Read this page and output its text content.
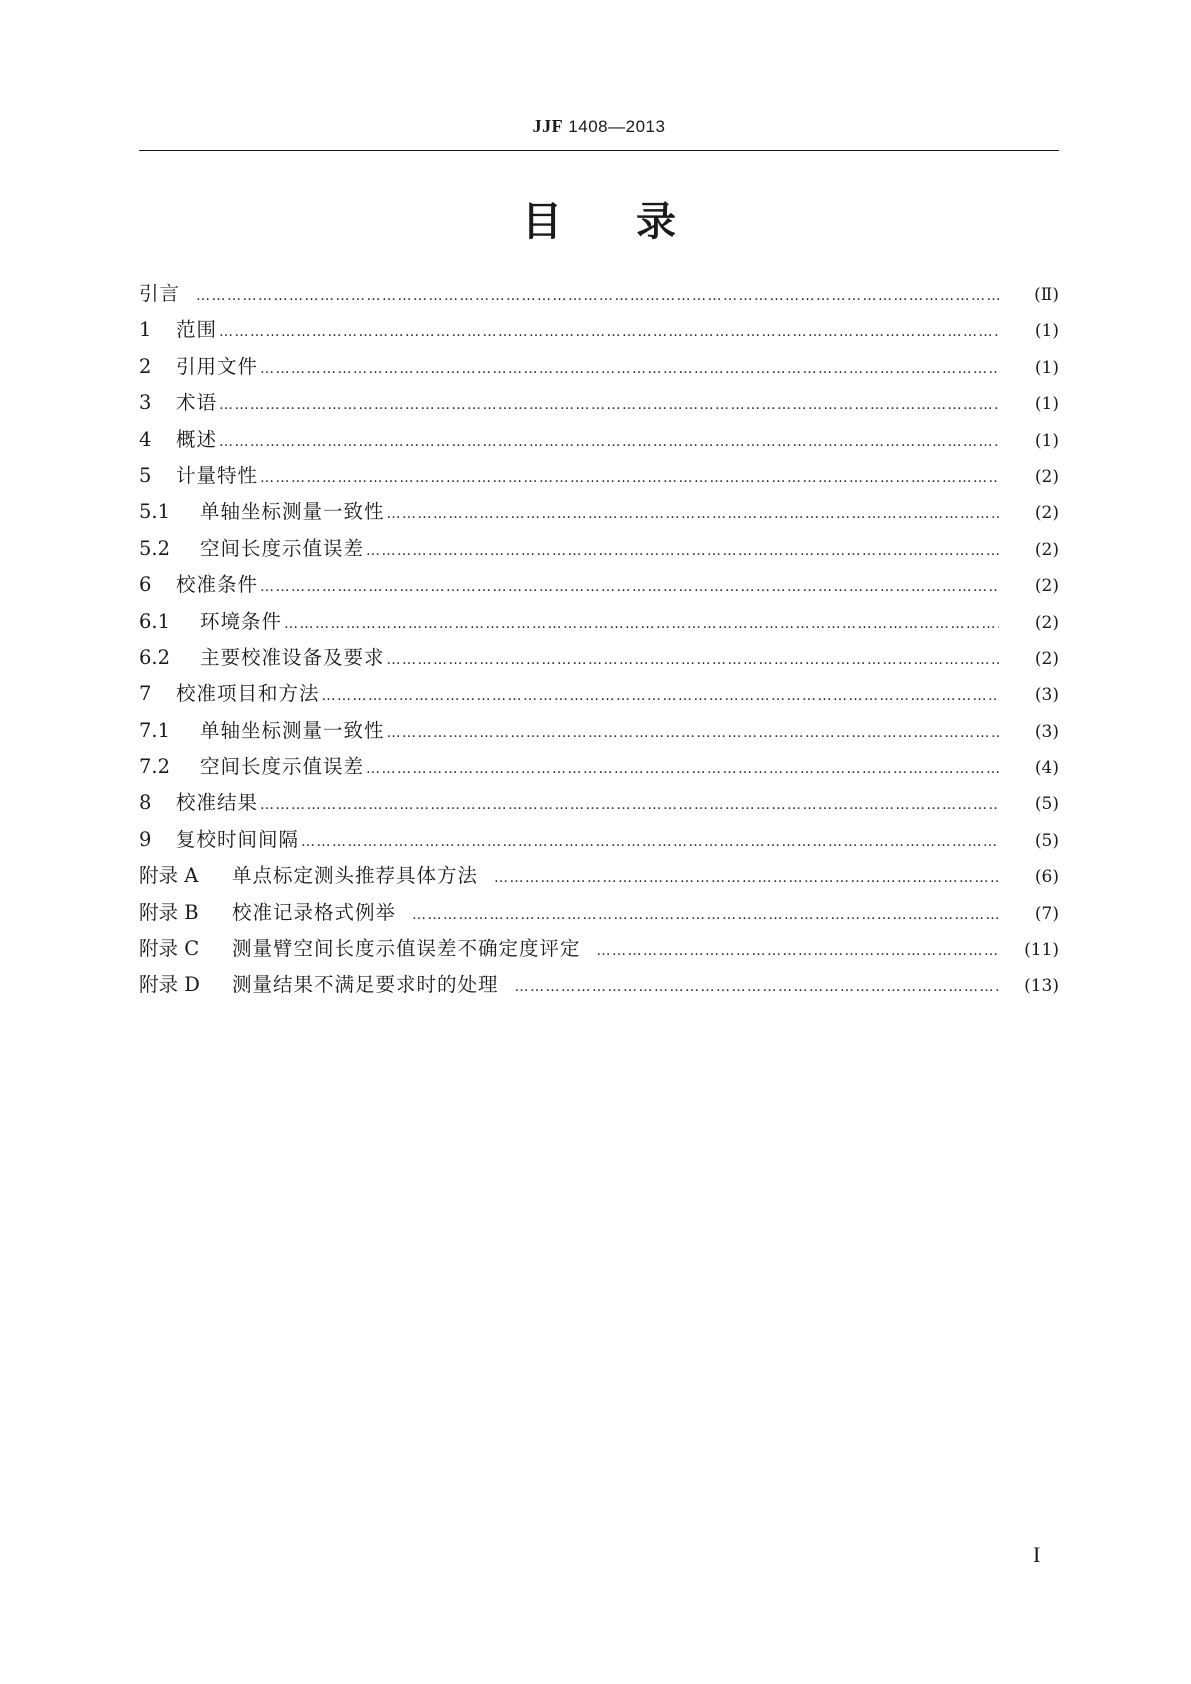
JJF 1408—2013
目 录
引言 ……………………………………………………………………………………………………………………………………………………………………	(Ⅱ)
1	范围 ……………………………………………………………………………………………………………………………………………………………………	(1)
2	引用文件 ……………………………………………………………………………………………………………………………………………………………………	(1)
3	术语 ……………………………………………………………………………………………………………………………………………………………………	(1)
4	概述 ……………………………………………………………………………………………………………………………………………………………………	(1)
5	计量特性 ……………………………………………………………………………………………………………………………………………………………………	(2)
5.1	单轴坐标测量一致性 ……………………………………………………………………………………………………………………………………………………………………	(2)
5.2	空间长度示值误差 ……………………………………………………………………………………………………………………………………………………………………	(2)
6	校准条件 ……………………………………………………………………………………………………………………………………………………………………	(2)
6.1	环境条件 ……………………………………………………………………………………………………………………………………………………………………	(2)
6.2	主要校准设备及要求 ……………………………………………………………………………………………………………………………………………………………………	(2)
7	校准项目和方法 ……………………………………………………………………………………………………………………………………………………………………	(3)
7.1	单轴坐标测量一致性 ……………………………………………………………………………………………………………………………………………………………………	(3)
7.2	空间长度示值误差 ……………………………………………………………………………………………………………………………………………………………………	(4)
8	校准结果 ……………………………………………………………………………………………………………………………………………………………………	(5)
9	复校时间间隔 ……………………………………………………………………………………………………………………………………………………………………	(5)
附录 A	单点标定测头推荐具体方法 ……………………………………………………………………………………………………………………………………………………………………	(6)
附录 B	校准记录格式例举 ……………………………………………………………………………………………………………………………………………………………………	(7)
附录 C	测量臂空间长度示值误差不确定度评定 ……………………………………………………………………………………………………………………………………………………………………	(11)
附录 D	测量结果不满足要求时的处理 ……………………………………………………………………………………………………………………………………………………………………	(13)
I
